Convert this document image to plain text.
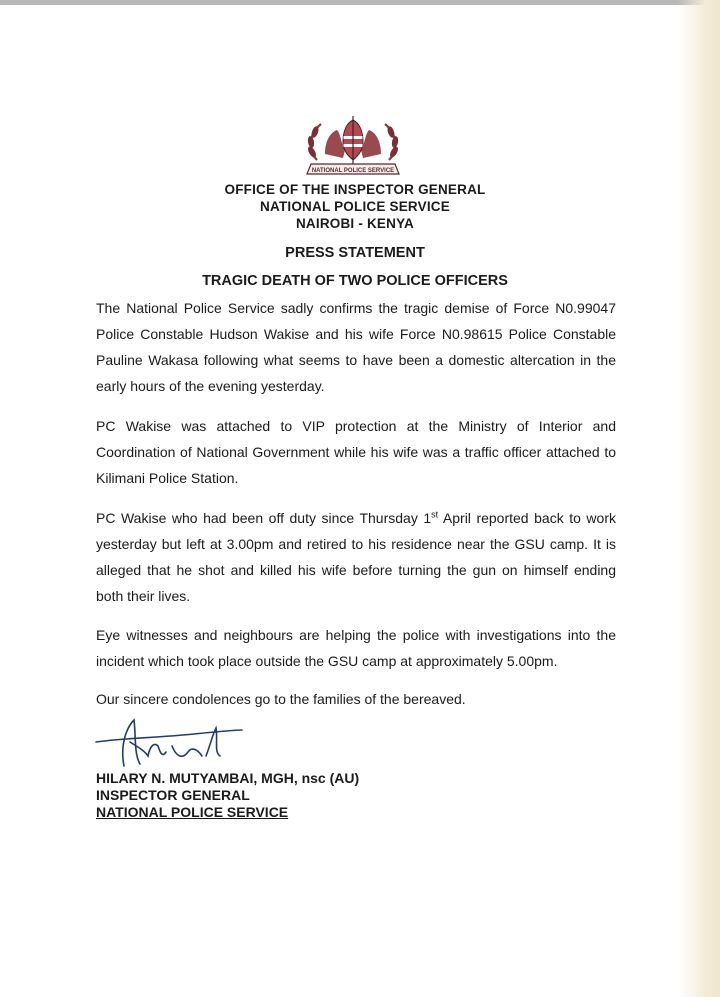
NATIONAL POLICE SERVICE
OFFICE OF THE INSPECTOR GENERAL
NATIONAL POLICE SERVICE
NAIROBI - KENYA
PRESS STATEMENT
TRAGIC DEATH OF TWO POLICE OFFICERS
The National Police Service sadly confirms the tragic demise of Force N0.99047 Police Constable Hudson Wakise and his wife Force N0.98615 Police Constable Pauline Wakasa following what seems to have been a domestic altercation in the early hours of the evening yesterday.
PC Wakise was attached to VIP protection at the Ministry of Interior and Coordination of National Government while his wife was a traffic officer attached to Kilimani Police Station.
PC Wakise who had been off duty since Thursday 1st April reported back to work yesterday but left at 3.00pm and retired to his residence near the GSU camp. It is alleged that he shot and killed his wife before turning the gun on himself ending both their lives.
Eye witnesses and neighbours are helping the police with investigations into the incident which took place outside the GSU camp at approximately 5.00pm.
Our sincere condolences go to the families of the bereaved.
HILARY N. MUTYAMBAI, MGH, nsc (AU)
INSPECTOR GENERAL
NATIONAL POLICE SERVICE
